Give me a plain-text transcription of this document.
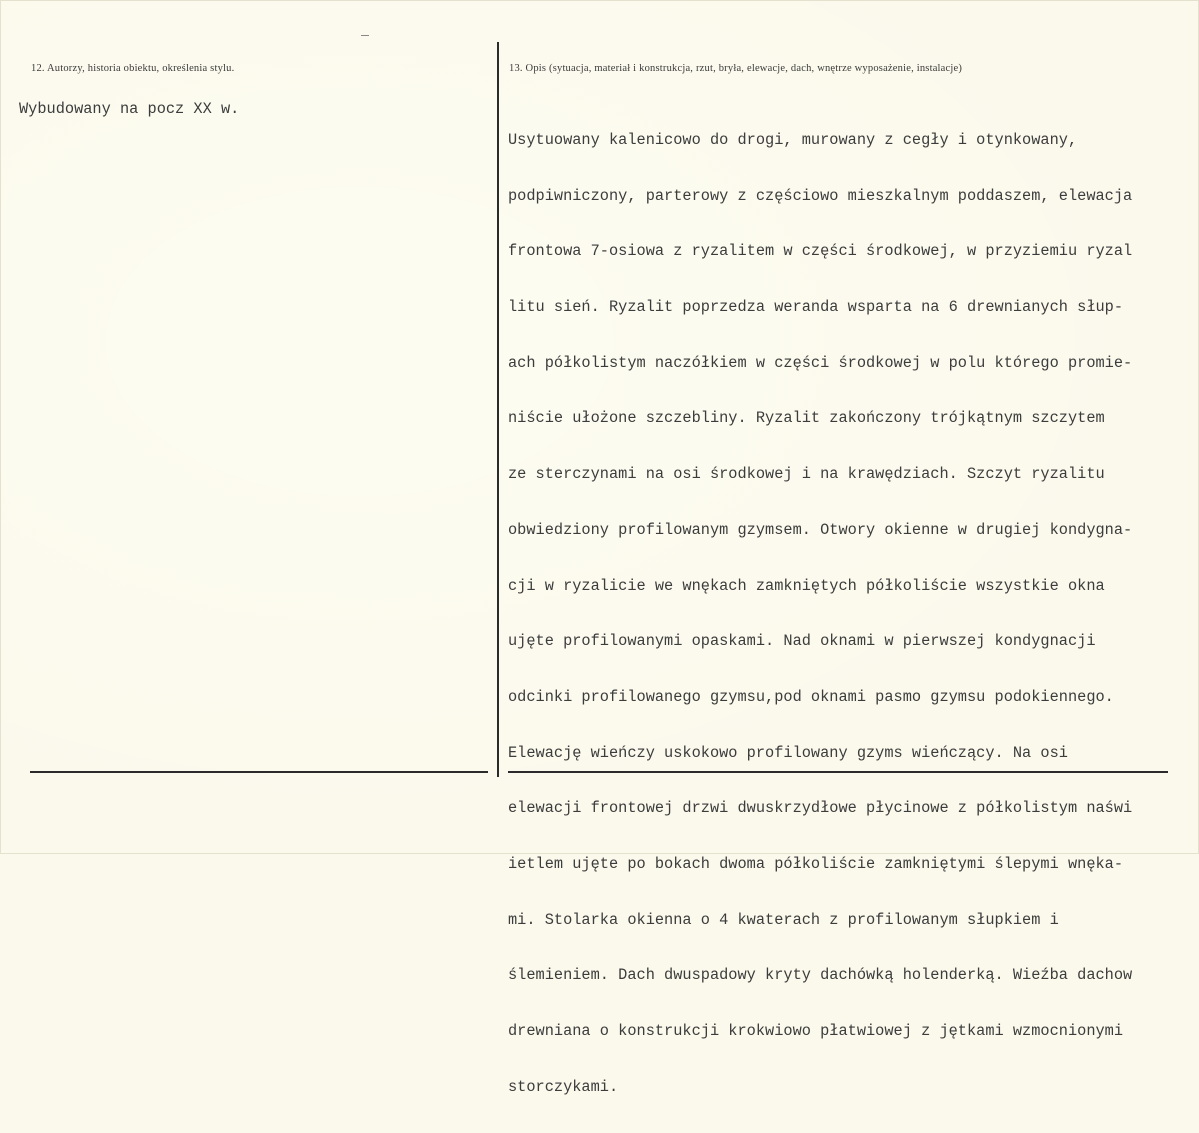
12. Autorzy, historia obiektu, określenia stylu.	13. Opis (sytuacja, materiał i konstrukcja, rzut, bryła, elewacje, dach, wnętrze wyposażenie, instalacje)
Wybudowany na pocz XX w.

Usytuowany kalenicowo do drogi, murowany z cegły i otynkowany,

podpiwniczony, parterowy z częściowo mieszkalnym poddaszem, elewacja

frontowa 7-osiowa z ryzalitem w części środkowej, w przyziemiu ryzal

litu sień. Ryzalit poprzedza weranda wsparta na 6 drewnianych słup-

ach półkolistym naczółkiem w części środkowej w polu którego promie-

niście ułożone szczebliny. Ryzalit zakończony trójkątnym szczytem

ze sterczynami na osi środkowej i na krawędziach. Szczyt ryzalitu

obwiedziony profilowanym gzymsem. Otwory okienne w drugiej kondygna-

cji w ryzalicie we wnękach zamkniętych półkoliście wszystkie okna

ujęte profilowanymi opaskami. Nad oknami w pierwszej kondygnacji

odcinki profilowanego gzymsu,pod oknami pasmo gzymsu podokiennego.

Elewację wieńczy uskokowo profilowany gzyms wieńczący. Na osi

elewacji frontowej drzwi dwuskrzydłowe płycinowe z półkolistym naświ

ietlem ujęte po bokach dwoma półkoliście zamkniętymi ślepymi wnęka-

mi. Stolarka okienna o 4 kwaterach z profilowanym słupkiem i

ślemieniem. Dach dwuspadowy kryty dachówką holenderką. Wieźba dachow

drewniana o konstrukcji krokwiowo płatwiowej z jętkami wzmocnionymi

storczykami.
